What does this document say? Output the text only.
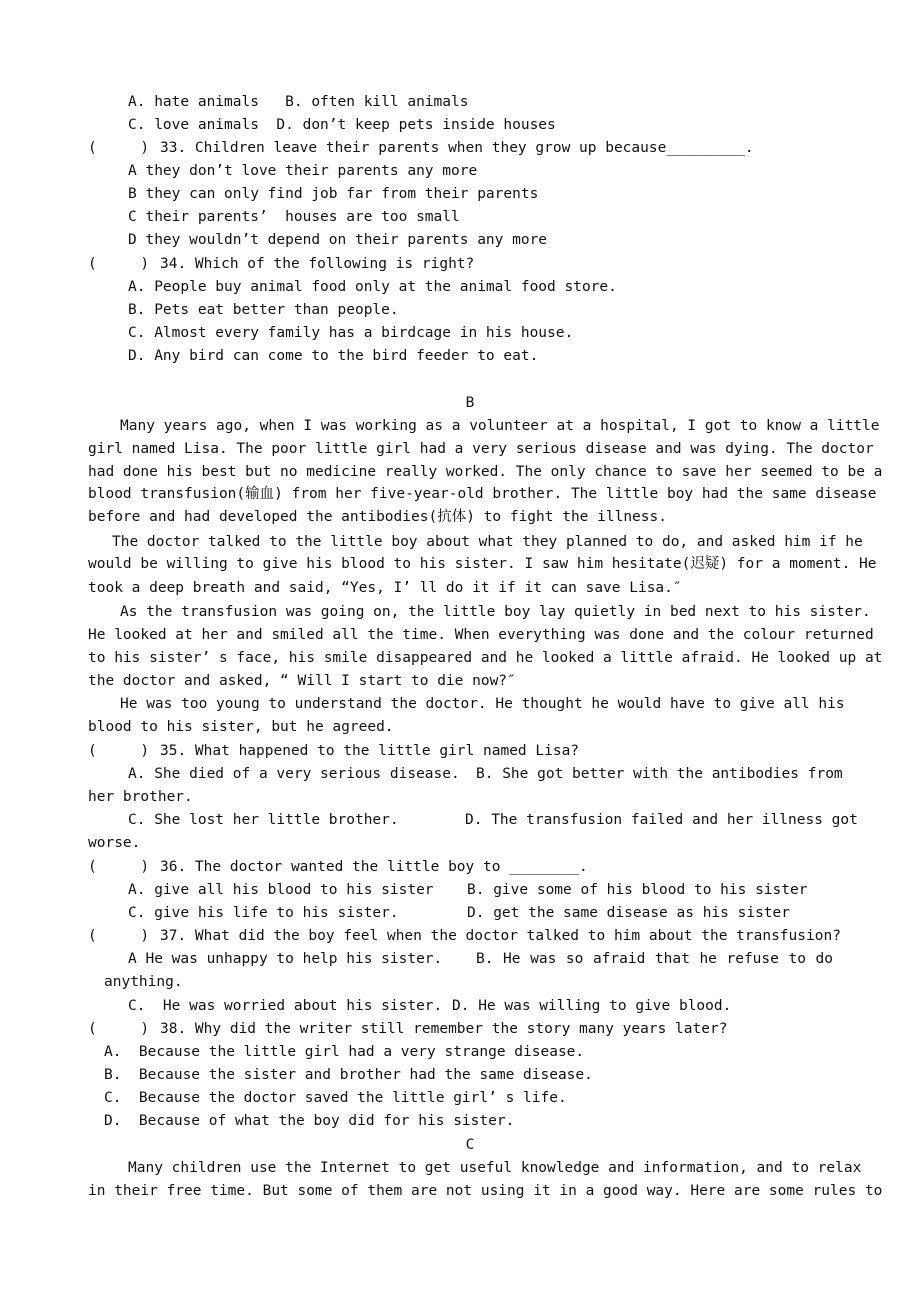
A. hate animals   B. often kill animals
C. love animals  D. don’t keep pets inside houses
(     ) 33. Children leave their parents when they grow up because_________.
A they don’t love their parents any more
B they can only find job far from their parents
C their parents’  houses are too small
D they wouldn’t depend on their parents any more
(     ) 34. Which of the following is right?
A. People buy animal food only at the animal food store.
B. Pets eat better than people.
C. Almost every family has a birdcage in his house.
D. Any bird can come to the bird feeder to eat.
B
Many years ago, when I was working as a volunteer at a hospital, I got to know a little
girl named Lisa. The poor little girl had a very serious disease and was dying. The doctor
had done his best but no medicine really worked. The only chance to save her seemed to be a
blood transfusion(输血) from her five-year-old brother. The little boy had the same disease
before and had developed the antibodies(抗体) to fight the illness.
The doctor talked to the little boy about what they planned to do, and asked him if he
would be willing to give his blood to his sister. I saw him hesitate(迟疑) for a moment. He
took a deep breath and said, “Yes, I’ ll do it if it can save Lisa.″
As the transfusion was going on, the little boy lay quietly in bed next to his sister.
He looked at her and smiled all the time. When everything was done and the colour returned
to his sister’ s face, his smile disappeared and he looked a little afraid. He looked up at
the doctor and asked, “ Will I start to die now?″
He was too young to understand the doctor. He thought he would have to give all his
blood to his sister, but he agreed.
(     ) 35. What happened to the little girl named Lisa?
A. She died of a very serious disease. B. She got better with the antibodies from
her brother.
C. She lost her little brother.	D. The transfusion failed and her illness got
worse.
(     ) 36. The doctor wanted the little boy to ________.
A. give all his blood to his sister B. give some of his blood to his sister
C. give his life to his sister.	D. get the same disease as his sister
(     ) 37. What did the boy feel when the doctor talked to him about the transfusion?
A He was unhappy to help his sister. B. He was so afraid that he refuse to do
anything.
C.  He was worried about his sister. D. He was willing to give blood.
(     ) 38. Why did the writer still remember the story many years later?
A.  Because the little girl had a very strange disease.
B.  Because the sister and brother had the same disease.
C.  Because the doctor saved the little girl’ s life.
D.  Because of what the boy did for his sister.
C
Many children use the Internet to get useful knowledge and information, and to relax
in their free time. But some of them are not using it in a good way. Here are some rules to
